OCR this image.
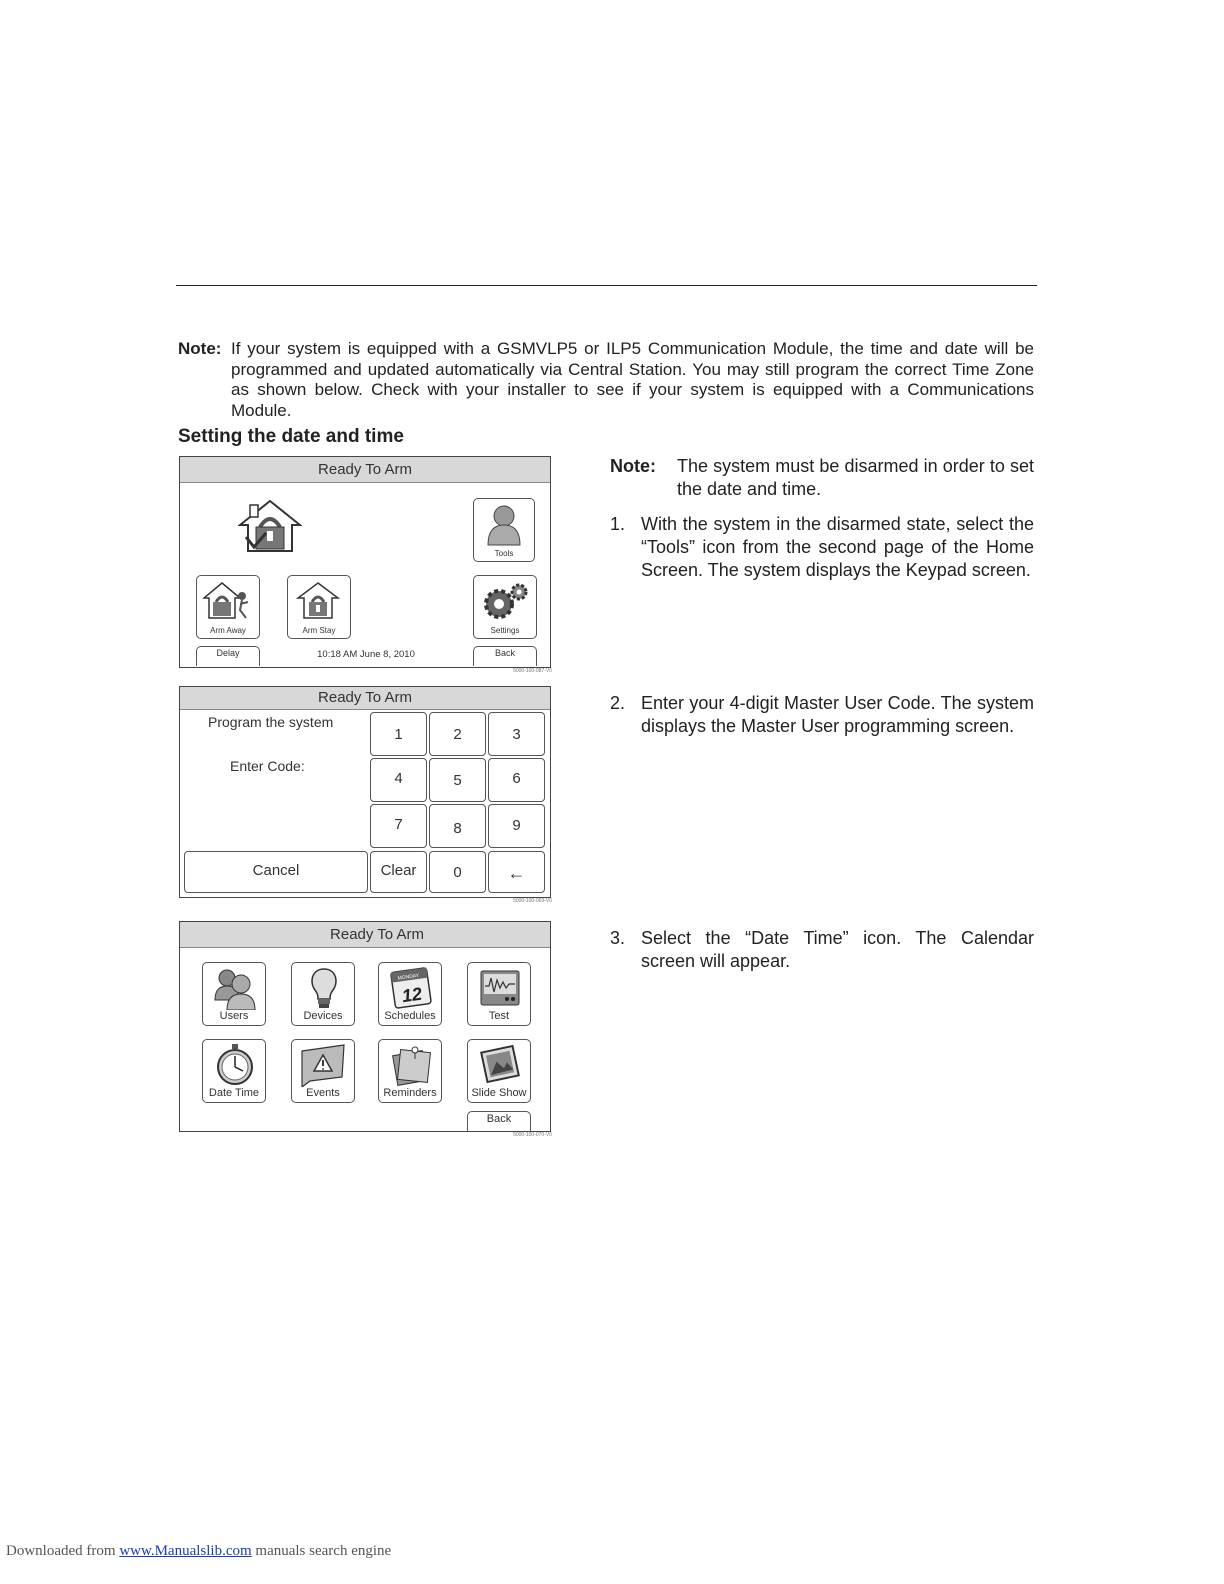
Note: If your system is equipped with a GSMVLP5 or ILP5 Communication Module, the time and date will be programmed and updated automatically via Central Station. You may still program the correct Time Zone as shown below. Check with your installer to see if your system is equipped with a Communications Module.
Setting the date and time
Ready To Arm
Tools
Arm Away	Arm Stay	Settings
Delay	10:18 AM June 8, 2010	Back
5000-100-087-V0
Ready To Arm
Program the system
Enter Code:
1	2	3
4	5	6
7	8	9
Cancel	Clear	0	←
5000-100-069-V0
Ready To Arm
Users	Devices
MONDAY
12
Schedules	Test
Date Time	Events	Reminders	Slide Show
Back
5000-100-070-V0
Note: The system must be disarmed in order to set the date and time.
1. With the system in the disarmed state, select the “Tools” icon from the second page of the Home Screen. The system displays the Keypad screen.
2. Enter your 4-digit Master User Code. The system displays the Master User programming screen.
3. Select the “Date Time” icon. The Calendar screen will appear.
Downloaded from www.Manualslib.com manuals search engine
